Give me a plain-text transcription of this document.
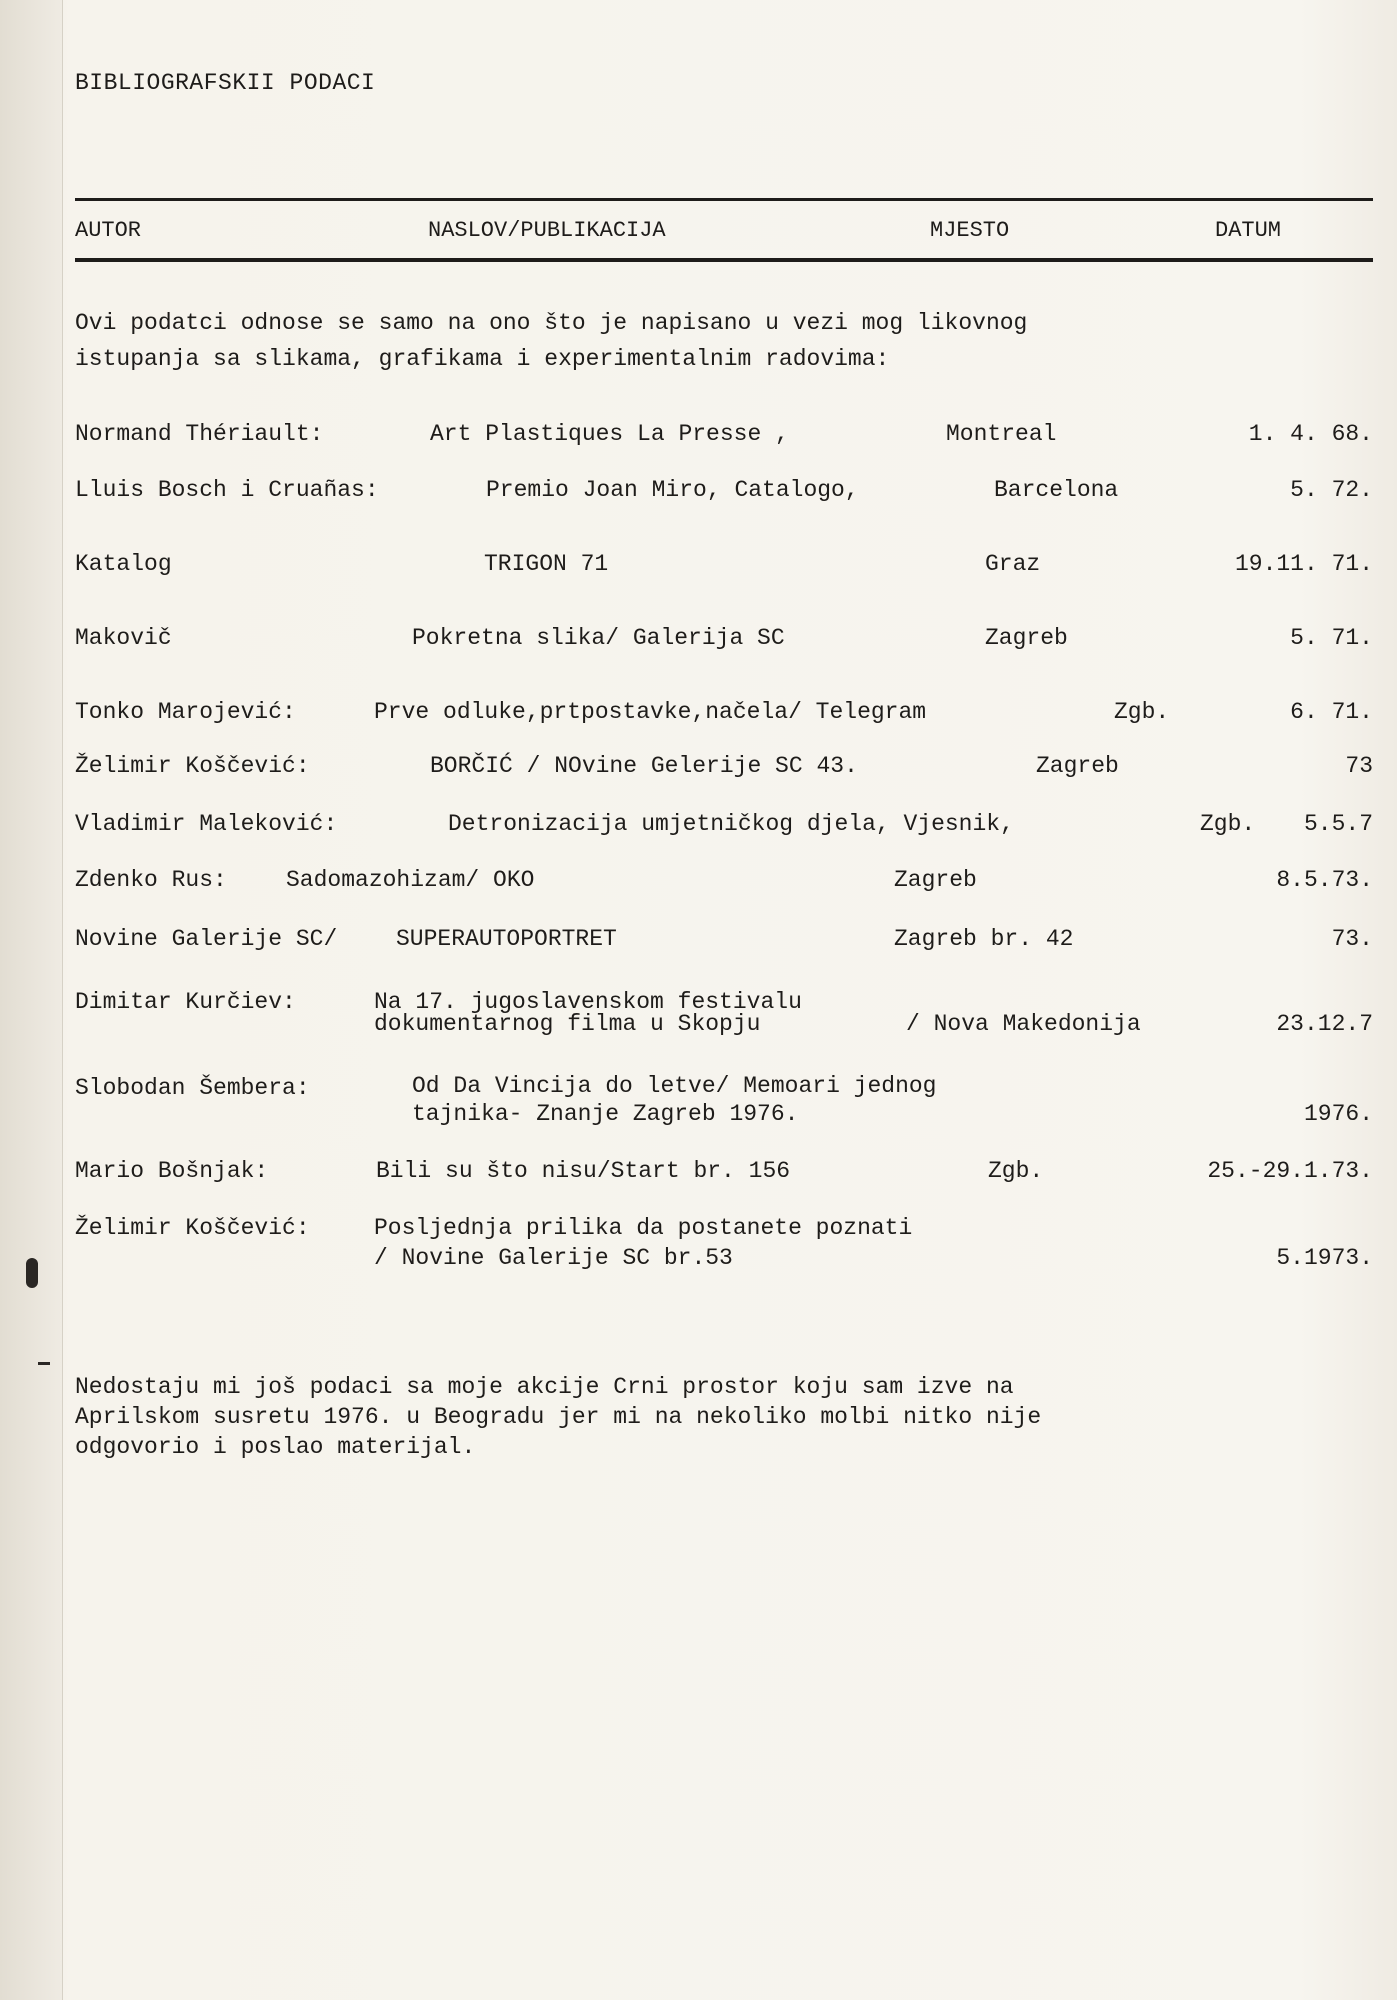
BIBLIOGRAFSKII PODACI
AUTOR	NASLOV/PUBLIKACIJA	MJESTO	DATUM
Ovi podatci odnose se samo na ono što je napisano u vezi mog likovnog
istupanja sa slikama, grafikama i experimentalnim radovima:
Normand Thériault:	Art Plastiques La Presse ,	Montreal	1. 4. 68.
Lluis Bosch i Cruañas:	Premio Joan Miro, Catalogo,	Barcelona	5. 72.
Katalog	TRIGON 71	Graz	19.11. 71.
Makovič	Pokretna slika/ Galerija SC	Zagreb	5. 71.
Tonko Marojević:	Prve odluke,prtpostavke,načela/ Telegram	Zgb.	6. 71.
Želimir Koščević:	BORČIĆ / NOvine Gelerije SC 43.	Zagreb	73
Vladimir Maleković:	Detronizacija umjetničkog djela, Vjesnik,	Zgb. 5.5.7
Zdenko Rus:	Sadomazohizam/ OKO	Zagreb	8.5.73.
Novine Galerije SC/	SUPERAUTOPORTRET	Zagreb br. 42	73.
Dimitar Kurčiev:	Na 17. jugoslavenskom festivalu
dokumentarnog filma u Skopju	/ Nova Makedonija	23.12.7
Slobodan Šembera:	Od Da Vincija do letve/ Memoari jednog
tajnika- Znanje Zagreb 1976.	1976.
Mario Bošnjak:	Bili su što nisu/Start br. 156	Zgb.	25.-29.1.73.
Želimir Koščević:	Posljednja prilika da postanete poznati
/ Novine Galerije SC br.53	5.1973.
Nedostaju mi još podaci sa moje akcije Crni prostor koju sam izve na
Aprilskom susretu 1976. u Beogradu jer mi na nekoliko molbi nitko nije
odgovorio i poslao materijal.
